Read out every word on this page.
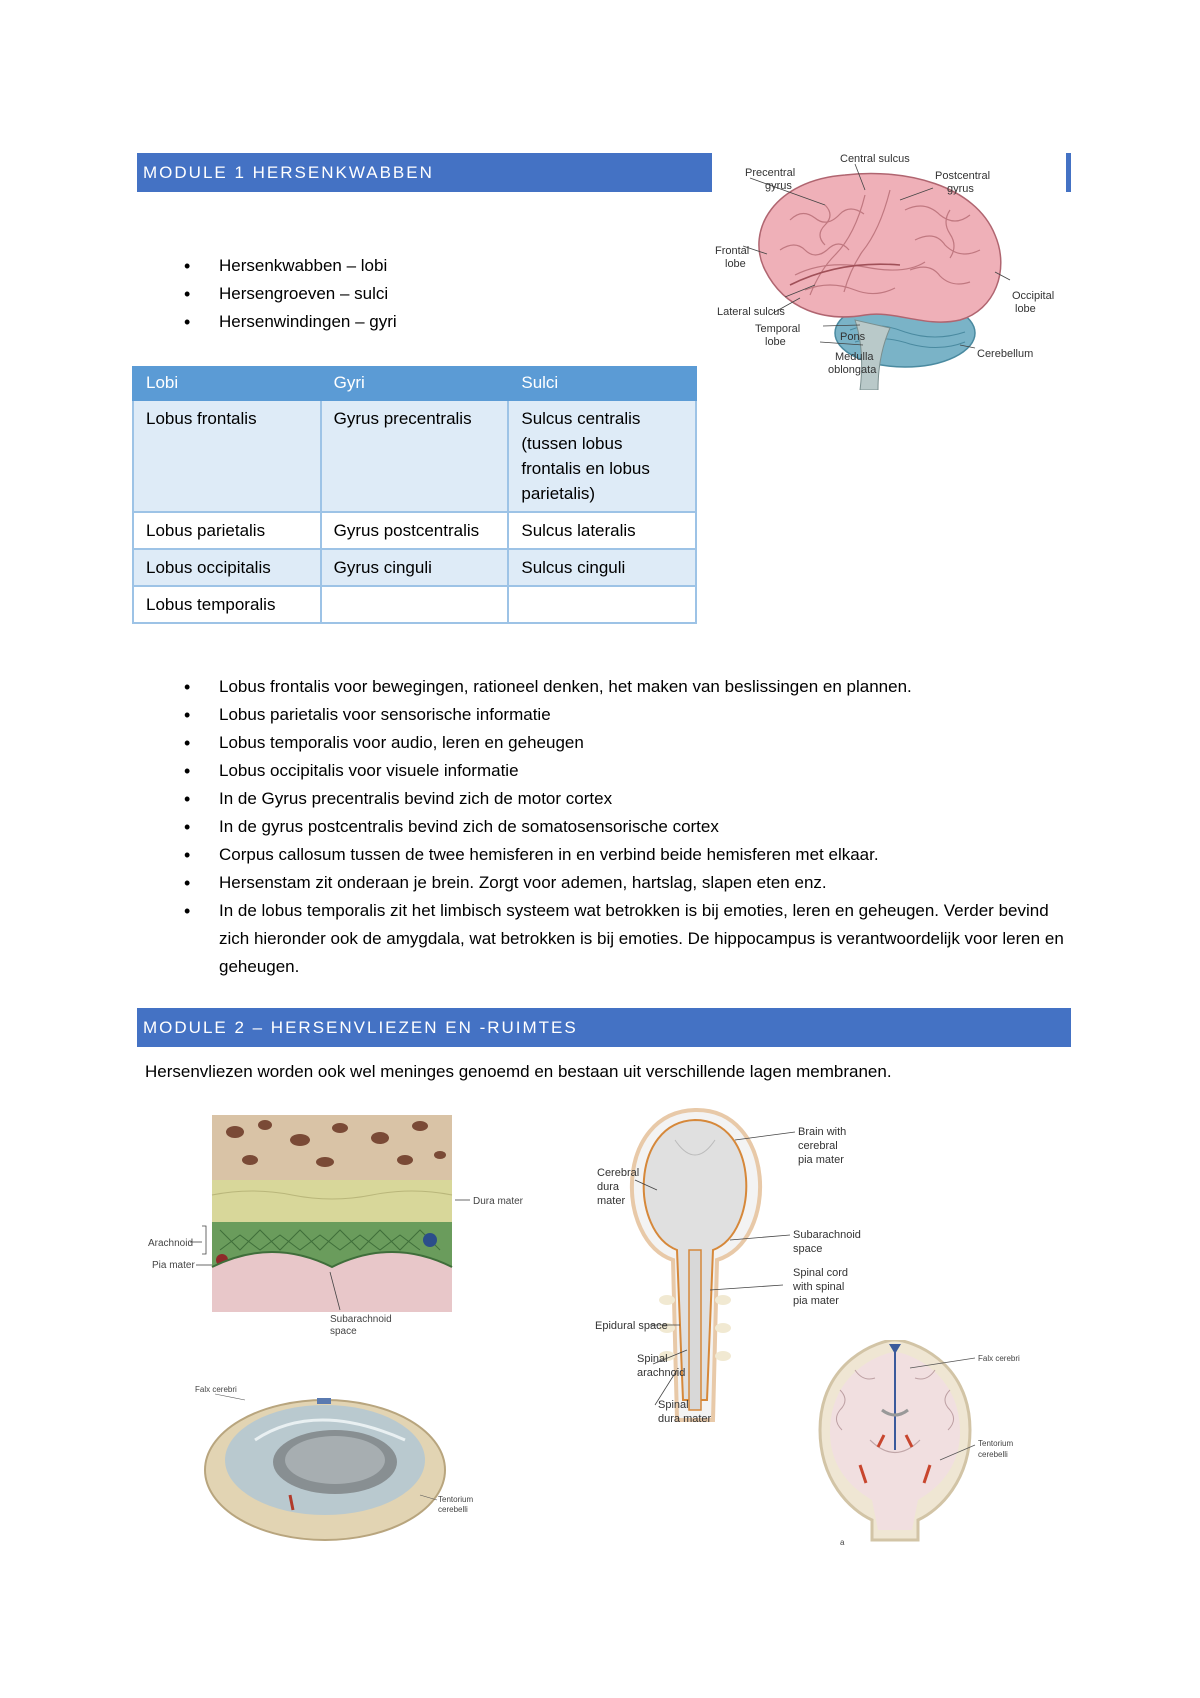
MODULE 1 HERSENKWABBEN
Central sulcus
Precentral
gyrus
Postcentral
gyrus
Frontal
lobe
Lateral sulcus
Temporal
lobe	Pons
Medulla
oblongata
Occipital
lobe
Cerebellum
• Hersenkwabben – lobi
• Hersengroeven – sulci
• Hersenwindingen – gyri
Lobi	Gyri	Sulci
Lobus frontalis	Gyrus precentralis	Sulcus centralis (tussen lobus frontalis en lobus parietalis)
Lobus parietalis	Gyrus postcentralis	Sulcus lateralis
Lobus occipitalis	Gyrus cinguli	Sulcus cinguli
Lobus temporalis		
• Lobus frontalis voor bewegingen, rationeel denken, het maken van beslissingen en plannen.
• Lobus parietalis voor sensorische informatie
• Lobus temporalis voor audio, leren en geheugen
• Lobus occipitalis voor visuele informatie
• In de Gyrus precentralis bevind zich de motor cortex
• In de gyrus postcentralis bevind zich de somatosensorische cortex
• Corpus callosum tussen de twee hemisferen in en verbind beide hemisferen met elkaar.
• Hersenstam zit onderaan je brein. Zorgt voor ademen, hartslag, slapen eten enz.
• In de lobus temporalis zit het limbisch systeem wat betrokken is bij emoties, leren en geheugen. Verder bevind zich hieronder ook de amygdala, wat betrokken is bij emoties. De hippocampus is verantwoordelijk voor leren en geheugen.
MODULE 2 – HERSENVLIEZEN EN -RUIMTES

Hersenvliezen worden ook wel meninges genoemd en bestaan uit verschillende lagen membranen.

Dura mater
Arachnoid
Pia mater
Subarachnoid
space
Falx cerebri
Tentorium
cerebelli
Brain with
cerebral
pia mater
Cerebral
dura
mater
Subarachnoid
space
Spinal cord
with spinal
pia mater
Epidural space
Spinal
arachnoid
Spinal
dura mater
Falx cerebri
Tentorium
cerebelli
a
